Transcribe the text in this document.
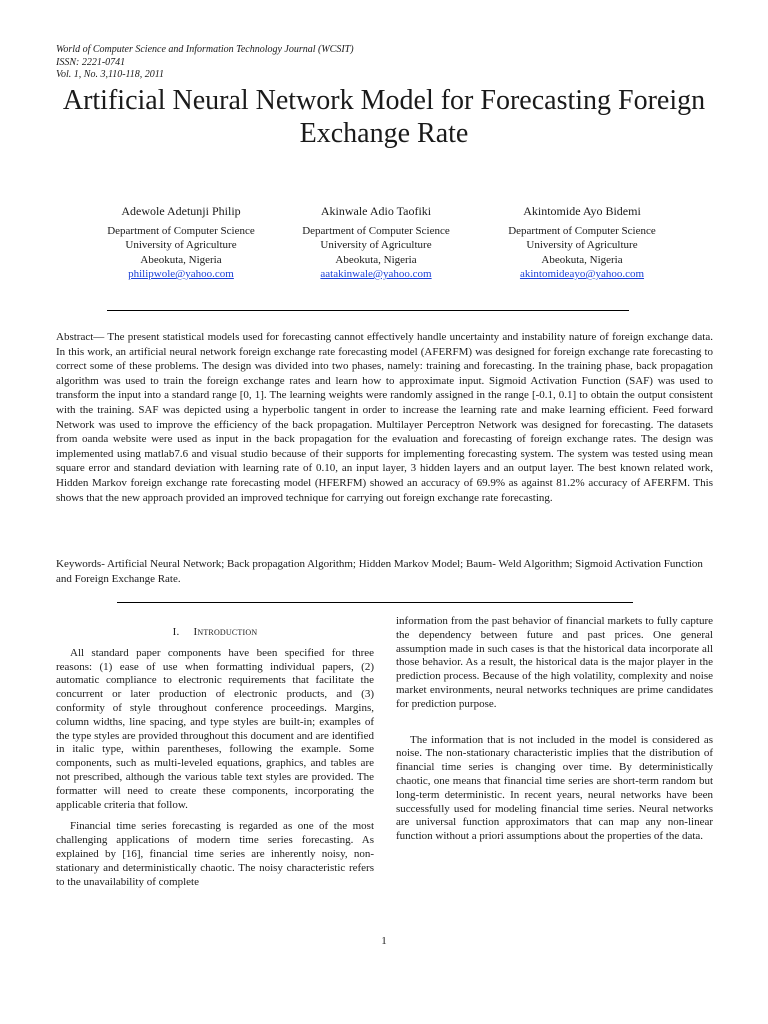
World of Computer Science and Information Technology Journal (WCSIT)
ISSN: 2221-0741
Vol. 1, No. 3,110-118, 2011
Artificial Neural Network Model for Forecasting Foreign Exchange Rate
Adewole Adetunji Philip
Department of Computer Science
University of Agriculture
Abeokuta, Nigeria
philipwole@yahoo.com
Akinwale Adio Taofiki
Department of Computer Science
University of Agriculture
Abeokuta, Nigeria
aatakinwale@yahoo.com
Akintomide Ayo Bidemi
Department of Computer Science
University of Agriculture
Abeokuta, Nigeria
akintomideayo@yahoo.com
Abstract— The present statistical models used for forecasting cannot effectively handle uncertainty and instability nature of foreign exchange data. In this work, an artificial neural network foreign exchange rate forecasting model (AFERFM) was designed for foreign exchange rate forecasting to correct some of these problems. The design was divided into two phases, namely: training and forecasting. In the training phase, back propagation algorithm was used to train the foreign exchange rates and learn how to approximate input. Sigmoid Activation Function (SAF) was used to transform the input into a standard range [0, 1]. The learning weights were randomly assigned in the range [-0.1, 0.1] to obtain the output consistent with the training. SAF was depicted using a hyperbolic tangent in order to increase the learning rate and make learning efficient. Feed forward Network was used to improve the efficiency of the back propagation. Multilayer Perceptron Network was designed for forecasting. The datasets from oanda website were used as input in the back propagation for the evaluation and forecasting of foreign exchange rates. The design was implemented using matlab7.6 and visual studio because of their supports for implementing forecasting system. The system was tested using mean square error and standard deviation with learning rate of 0.10, an input layer, 3 hidden layers and an output layer. The best known related work, Hidden Markov foreign exchange rate forecasting model (HFERFM) showed an accuracy of 69.9% as against 81.2% accuracy of AFERFM. This shows that the new approach provided an improved technique for carrying out foreign exchange rate forecasting.
Keywords- Artificial Neural Network; Back propagation Algorithm; Hidden Markov Model; Baum- Weld Algorithm; Sigmoid Activation Function and Foreign Exchange Rate.
I. Introduction

All standard paper components have been specified for three reasons: (1) ease of use when formatting individual papers, (2) automatic compliance to electronic requirements that facilitate the concurrent or later production of electronic products, and (3) conformity of style throughout conference proceedings. Margins, column widths, line spacing, and type styles are built-in; examples of the type styles are provided throughout this document and are identified in italic type, within parentheses, following the example. Some components, such as multi-leveled equations, graphics, and tables are not prescribed, although the various table text styles are provided. The formatter will need to create these components, incorporating the applicable criteria that follow.

Financial time series forecasting is regarded as one of the most challenging applications of modern time series forecasting. As explained by [16], financial time series are inherently noisy, non-stationary and deterministically chaotic. The noisy characteristic refers to the unavailability of complete

information from the past behavior of financial markets to fully capture the dependency between future and past prices. One general assumption made in such cases is that the historical data incorporate all those behavior. As a result, the historical data is the major player in the prediction process. Because of the high volatility, complexity and noise market environments, neural networks techniques are prime candidates for prediction purpose.

The information that is not included in the model is considered as noise. The non-stationary characteristic implies that the distribution of financial time series is changing over time. By deterministically chaotic, one means that financial time series are short-term random but long-term deterministic. In recent years, neural networks have been successfully used for modeling financial time series. Neural networks are universal function approximators that can map any non-linear function without a priori assumptions about the properties of the data.

1
